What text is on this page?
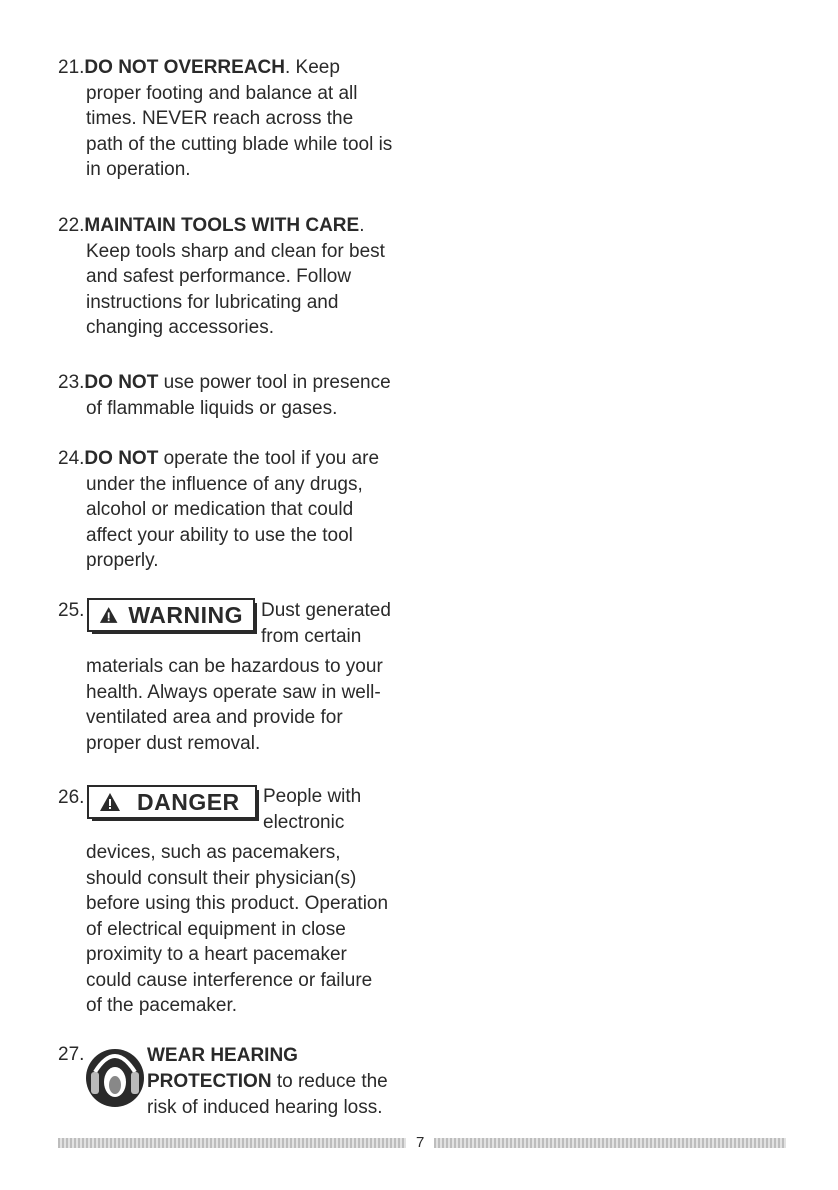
21.DO NOT OVERREACH. Keep
proper footing and balance at all
times. NEVER reach across the
path of the cutting blade while tool is
in operation.
22.MAINTAIN TOOLS WITH CARE.
Keep tools sharp and clean for best
and safest performance. Follow
instructions for lubricating and
changing accessories.
23.DO NOT use power tool in presence
of flammable liquids or gases.
24.DO NOT operate the tool if you are
under the influence of any drugs,
alcohol or medication that could
affect your ability to use the tool
properly.
25. WARNING Dust generated
from certain
materials can be hazardous to your
health. Always operate saw in well-
ventilated area and provide for
proper dust removal.
26. DANGER People with
electronic
devices, such as pacemakers,
should consult their physician(s)
before using this product. Operation
of electrical equipment in close
proximity to a heart pacemaker
could cause interference or failure
of the pacemaker.
27.	WEAR HEARING
PROTECTION to reduce the
risk of induced hearing loss.
7
